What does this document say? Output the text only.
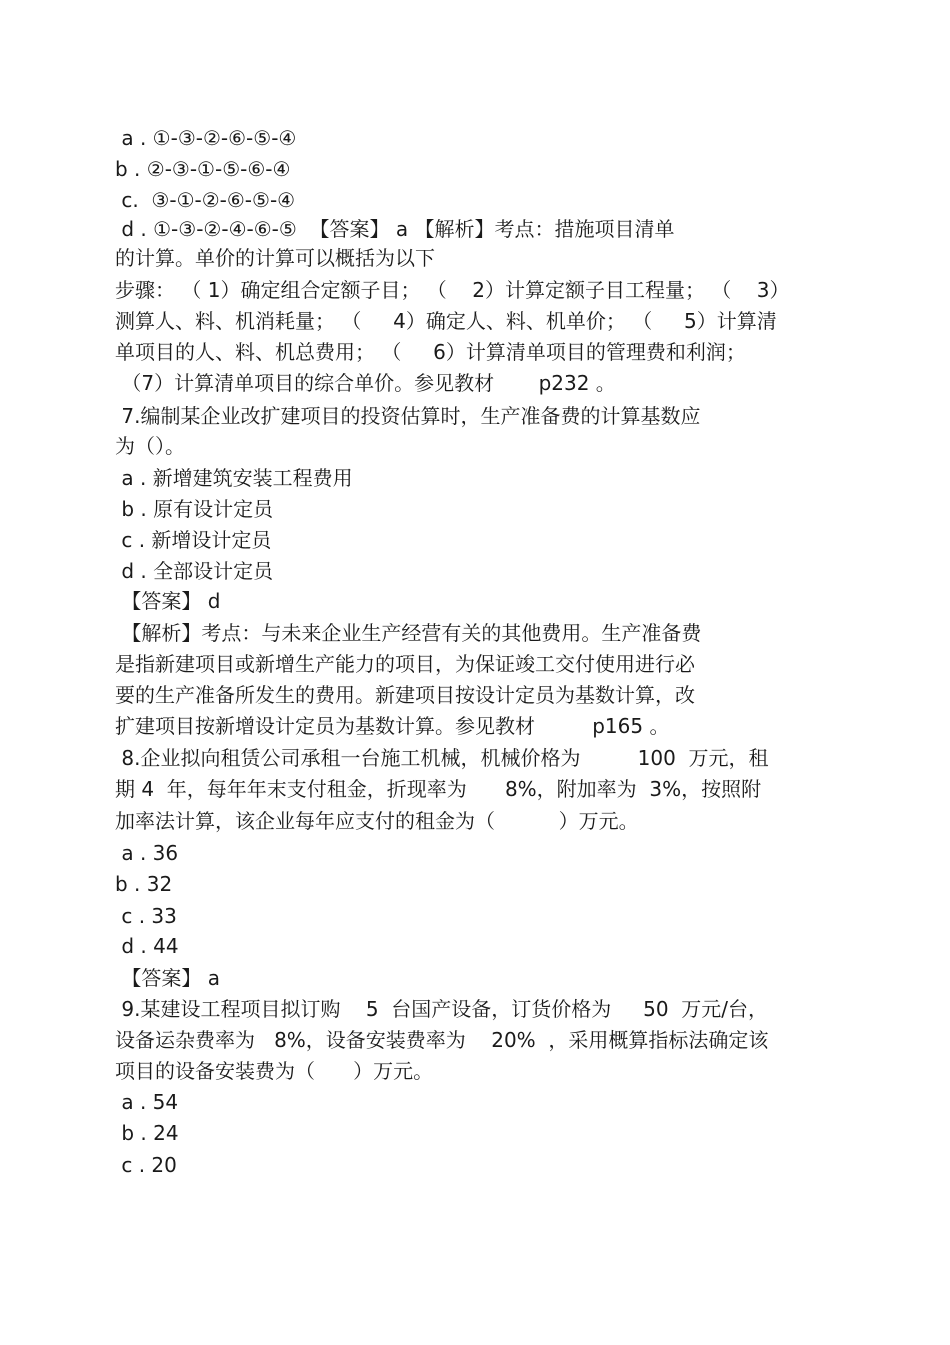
a . ①-③-②-⑥-⑤-④
b . ②-③-①-⑤-⑥-④
c.  ③-①-②-⑥-⑤-④
d . ①-③-②-④-⑥-⑤  【答案】 a 【解析】考点：措施项目清单
的计算。单价的计算可以概括为以下
步骤： （ 1）确定组合定额子目； （    2）计算定额子目工程量； （    3）
测算人、料、机消耗量； （     4）确定人、料、机单价； （     5）计算清
单项目的人、料、机总费用； （     6）计算清单项目的管理费和利润；
（7）计算清单项目的综合单价。参见教材       p232 。
7.编制某企业改扩建项目的投资估算时，生产准备费的计算基数应
为（）。
a . 新增建筑安装工程费用
b . 原有设计定员
c . 新增设计定员
d . 全部设计定员
【答案】 d
【解析】考点：与未来企业生产经营有关的其他费用。生产准备费
是指新建项目或新增生产能力的项目，为保证竣工交付使用进行必
要的生产准备所发生的费用。新建项目按设计定员为基数计算，改
扩建项目按新增设计定员为基数计算。参见教材         p165 。
8.企业拟向租赁公司承租一台施工机械，机械价格为         100  万元，租
期 4  年，每年年末支付租金，折现率为      8%，附加率为  3%，按照附
加率法计算，该企业每年应支付的租金为（          ）万元。
a . 36
b . 32
c . 33
d . 44
【答案】 a
9.某建设工程项目拟订购    5  台国产设备，订货价格为     50  万元/台，
设备运杂费率为   8%，设备安装费率为    20%  ，采用概算指标法确定该
项目的设备安装费为（      ）万元。
a . 54
b . 24
c . 20
